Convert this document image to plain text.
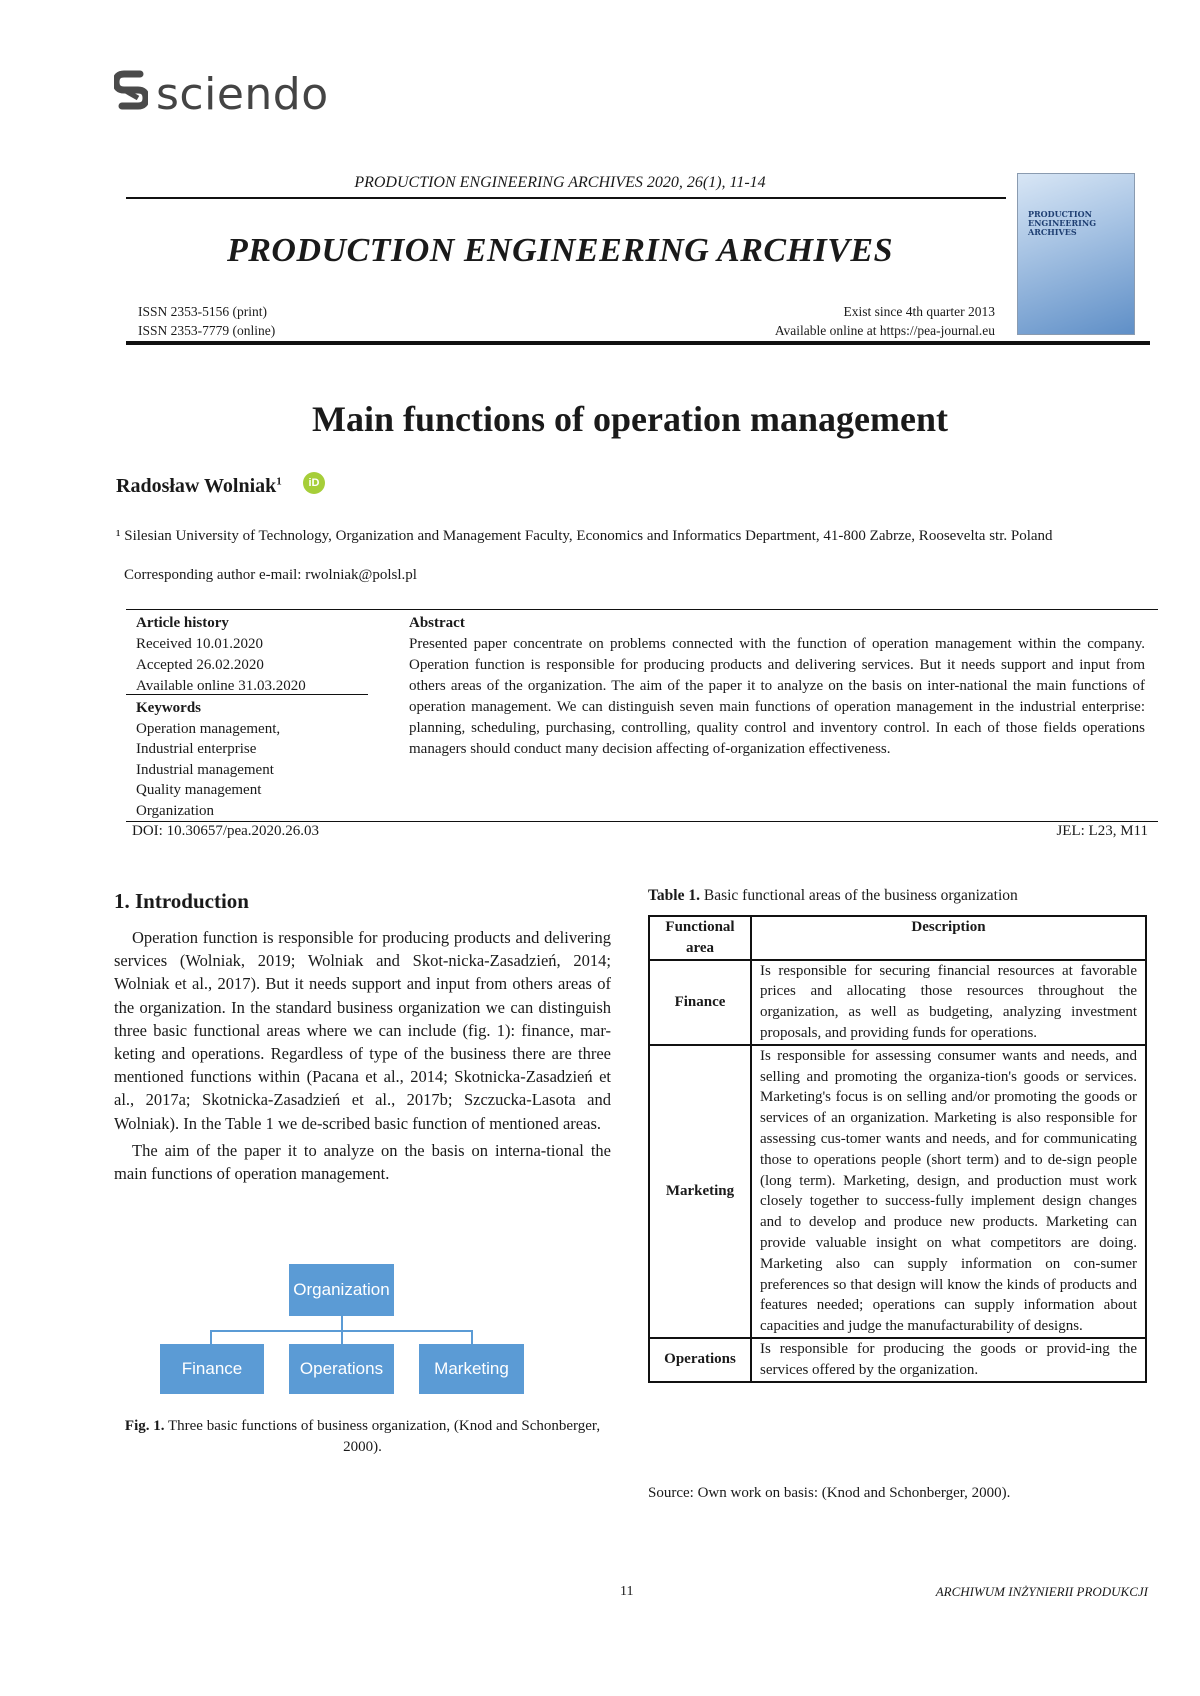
sciendo
PRODUCTION ENGINEERING ARCHIVES 2020, 26(1), 11-14
PRODUCTION ENGINEERING ARCHIVES
ISSN 2353-5156 (print)
ISSN 2353-7779 (online)
Exist since 4th quarter 2013
Available online at https://pea-journal.eu
PRODUCTION ENGINEERING ARCHIVES
Main functions of operation management
Radosław Wolniak$^1$	iD
¹ Silesian University of Technology, Organization and Management Faculty, Economics and Informatics Department, 41-800 Zabrze, Roosevelta str. Poland
Corresponding author e-mail: rwolniak@polsl.pl
Article history
Received 10.01.2020
Accepted 26.02.2020
Available online 31.03.2020
Keywords
Operation management,
Industrial enterprise
Industrial management
Quality management
Organization
Abstract
Presented paper concentrate on problems connected with the function of operation management within the company. Operation function is responsible for producing products and delivering services. But it needs support and input from others areas of the organization. The aim of the paper it to analyze on the basis on inter-national the main functions of operation management. We can distinguish seven main functions of operation management in the industrial enterprise: planning, scheduling, purchasing, controlling, quality control and inventory control. In each of those fields operations managers should conduct many decision affecting of-organization effectiveness.
DOI: 10.30657/pea.2020.26.03	JEL: L23, M11
1. Introduction

Operation function is responsible for producing products and delivering services (Wolniak, 2019; Wolniak and Skot-nicka-Zasadzień, 2014; Wolniak et al., 2017). But it needs support and input from others areas of the organization. In the standard business organization we can distinguish three basic functional areas where we can include (fig. 1): finance, mar-keting and operations. Regardless of type of the business there are three mentioned functions within (Pacana et al., 2014; Skotnicka-Zasadzień et al., 2017a; Skotnicka-Zasadzień et al., 2017b; Szczucka-Lasota and Wolniak). In the Table 1 we de-scribed basic function of mentioned areas.

The aim of the paper it to analyze on the basis on interna-tional the main functions of operation management.

Organization
Finance	Operations	Marketing
Fig. 1. Three basic functions of business organization, (Knod and Schonberger, 2000).
Table 1. Basic functional areas of the business organization
Functional area	Description
Finance	Is responsible for securing financial resources at favorable prices and allocating those resources throughout the organization, as well as budgeting, analyzing investment proposals, and providing funds for operations.
Marketing	Is responsible for assessing consumer wants and needs, and selling and promoting the organiza-tion's goods or services. Marketing's focus is on selling and/or promoting the goods or services of an organization. Marketing is also responsible for assessing cus-tomer wants and needs, and for communicating those to operations people (short term) and to de-sign people (long term). Marketing, design, and production must work closely together to success-fully implement design changes and to develop and produce new products. Marketing can provide valuable insight on what competitors are doing. Marketing also can supply information on con-sumer preferences so that design will know the kinds of products and features needed; operations can supply information about capacities and judge the manufacturability of designs.
Operations	Is responsible for producing the goods or provid-ing the services offered by the organization.
Source: Own work on basis: (Knod and Schonberger, 2000).
11	ARCHIWUM INŻYNIERII PRODUKCJI
